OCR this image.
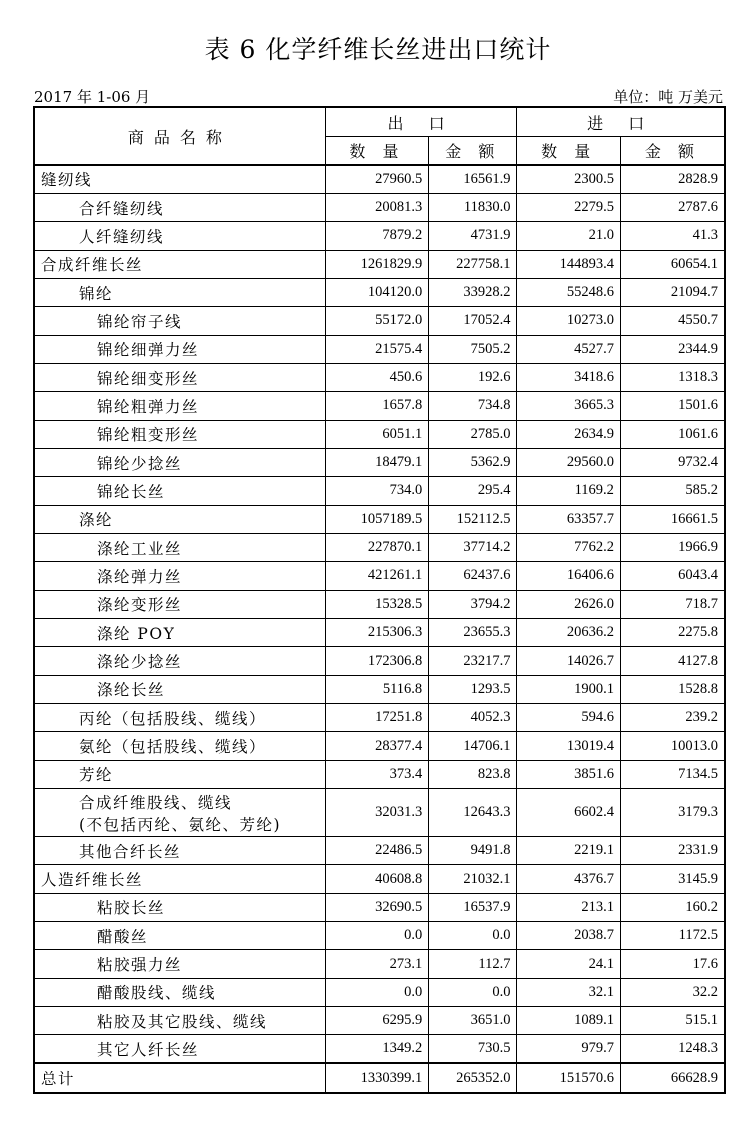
表 6 化学纤维长丝进出口统计
2017 年 1-06 月	单位：吨 万美元
商品名称	出 口		进 口	
	数 量	金 额	数 量	金 额

缝纫线	27960.5	16561.9	2300.5	2828.9

合纤缝纫线	20081.3	11830.0	2279.5	2787.6

人纤缝纫线	7879.2	4731.9	21.0	41.3

合成纤维长丝	1261829.9	227758.1	144893.4	60654.1

锦纶	104120.0	33928.2	55248.6	21094.7

锦纶帘子线	55172.0	17052.4	10273.0	4550.7

锦纶细弹力丝	21575.4	7505.2	4527.7	2344.9

锦纶细变形丝	450.6	192.6	3418.6	1318.3

锦纶粗弹力丝	1657.8	734.8	3665.3	1501.6

锦纶粗变形丝	6051.1	2785.0	2634.9	1061.6

锦纶少捻丝	18479.1	5362.9	29560.0	9732.4

锦纶长丝	734.0	295.4	1169.2	585.2

涤纶	1057189.5	152112.5	63357.7	16661.5

涤纶工业丝	227870.1	37714.2	7762.2	1966.9

涤纶弹力丝	421261.1	62437.6	16406.6	6043.4

涤纶变形丝	15328.5	3794.2	2626.0	718.7

涤纶 POY	215306.3	23655.3	20636.2	2275.8

涤纶少捻丝	172306.8	23217.7	14026.7	4127.8

涤纶长丝	5116.8	1293.5	1900.1	1528.8

丙纶（包括股线、缆线）	17251.8	4052.3	594.6	239.2

氨纶（包括股线、缆线）	28377.4	14706.1	13019.4	10013.0

芳纶	373.4	823.8	3851.6	7134.5

合成纤维股线、缆线
(不包括丙纶、氨纶、芳纶)	32031.3	12643.3	6602.4	3179.3

其他合纤长丝	22486.5	9491.8	2219.1	2331.9

人造纤维长丝	40608.8	21032.1	4376.7	3145.9

粘胶长丝	32690.5	16537.9	213.1	160.2

醋酸丝	0.0	0.0	2038.7	1172.5

粘胶强力丝	273.1	112.7	24.1	17.6

醋酸股线、缆线	0.0	0.0	32.1	32.2

粘胶及其它股线、缆线	6295.9	3651.0	1089.1	515.1

其它人纤长丝	1349.2	730.5	979.7	1248.3
总计	1330399.1	265352.0	151570.6	66628.9
